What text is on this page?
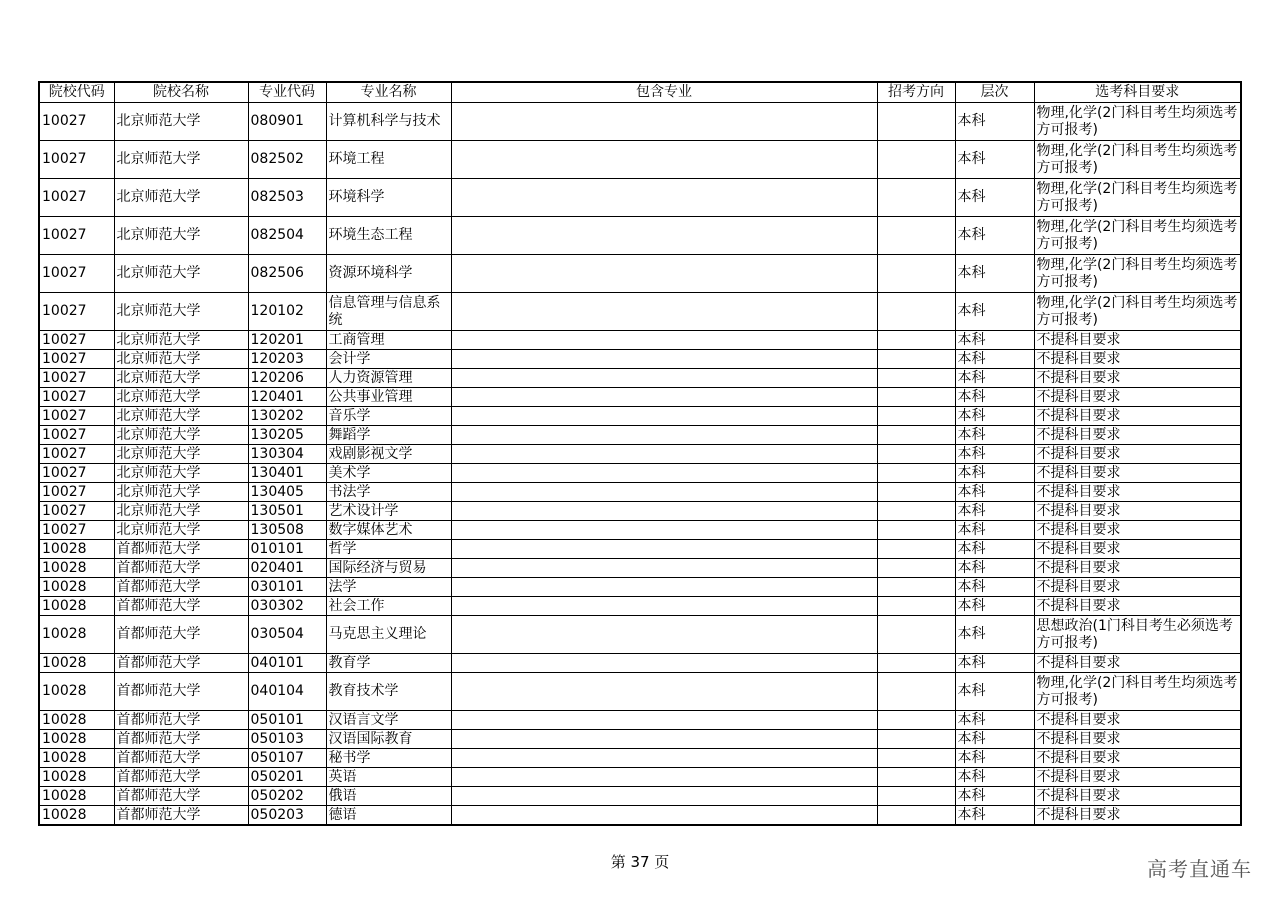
院校代码	院校名称	专业代码	专业名称	包含专业	招考方向	层次	选考科目要求
10027	北京师范大学	080901	计算机科学与技术			本科	物理,化学(2门科目考生均须选考方可报考)
10027	北京师范大学	082502	环境工程			本科	物理,化学(2门科目考生均须选考方可报考)
10027	北京师范大学	082503	环境科学			本科	物理,化学(2门科目考生均须选考方可报考)
10027	北京师范大学	082504	环境生态工程			本科	物理,化学(2门科目考生均须选考方可报考)
10027	北京师范大学	082506	资源环境科学			本科	物理,化学(2门科目考生均须选考方可报考)
10027	北京师范大学	120102	信息管理与信息系统			本科	物理,化学(2门科目考生均须选考方可报考)
10027	北京师范大学	120201	工商管理			本科	不提科目要求
10027	北京师范大学	120203	会计学			本科	不提科目要求
10027	北京师范大学	120206	人力资源管理			本科	不提科目要求
10027	北京师范大学	120401	公共事业管理			本科	不提科目要求
10027	北京师范大学	130202	音乐学			本科	不提科目要求
10027	北京师范大学	130205	舞蹈学			本科	不提科目要求
10027	北京师范大学	130304	戏剧影视文学			本科	不提科目要求
10027	北京师范大学	130401	美术学			本科	不提科目要求
10027	北京师范大学	130405	书法学			本科	不提科目要求
10027	北京师范大学	130501	艺术设计学			本科	不提科目要求
10027	北京师范大学	130508	数字媒体艺术			本科	不提科目要求
10028	首都师范大学	010101	哲学			本科	不提科目要求
10028	首都师范大学	020401	国际经济与贸易			本科	不提科目要求
10028	首都师范大学	030101	法学			本科	不提科目要求
10028	首都师范大学	030302	社会工作			本科	不提科目要求
10028	首都师范大学	030504	马克思主义理论			本科	思想政治(1门科目考生必须选考方可报考)
10028	首都师范大学	040101	教育学			本科	不提科目要求
10028	首都师范大学	040104	教育技术学			本科	物理,化学(2门科目考生均须选考方可报考)
10028	首都师范大学	050101	汉语言文学			本科	不提科目要求
10028	首都师范大学	050103	汉语国际教育			本科	不提科目要求
10028	首都师范大学	050107	秘书学			本科	不提科目要求
10028	首都师范大学	050201	英语			本科	不提科目要求
10028	首都师范大学	050202	俄语			本科	不提科目要求
10028	首都师范大学	050203	德语			本科	不提科目要求
第 37 页	高考直通车
